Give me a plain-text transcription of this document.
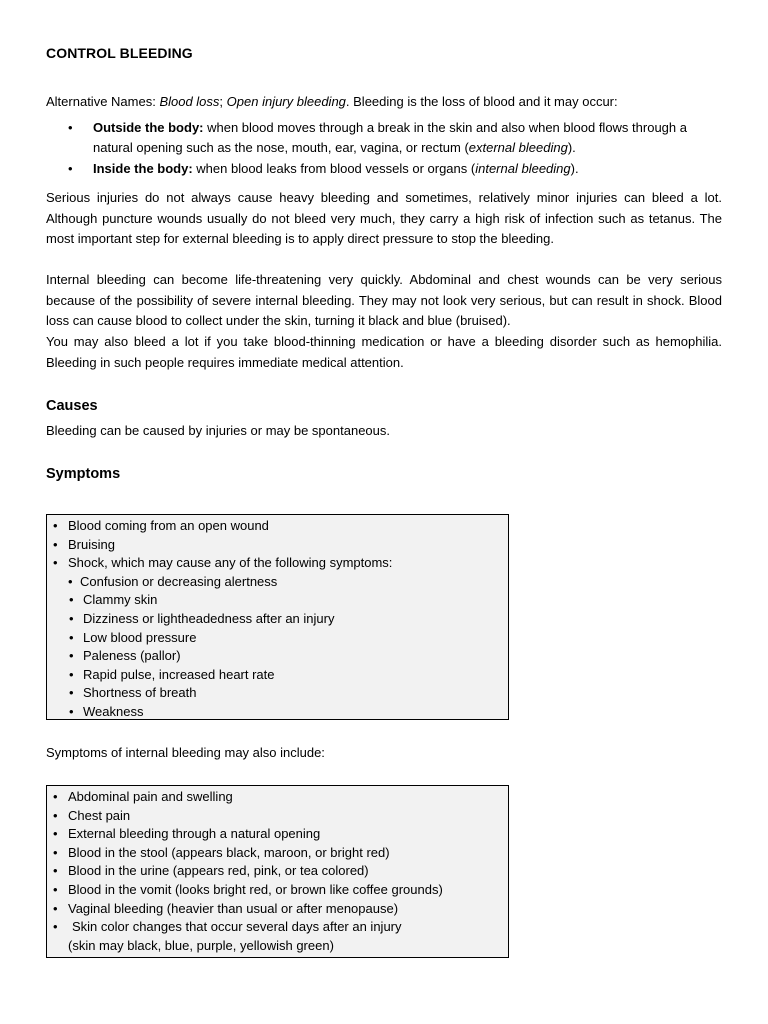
CONTROL BLEEDING
Alternative Names: Blood loss; Open injury bleeding. Bleeding is the loss of blood and it may occur:
• Outside the body: when blood moves through a break in the skin and also when blood flows through a natural opening such as the nose, mouth, ear, vagina, or rectum (external bleeding).
• Inside the body: when blood leaks from blood vessels or organs (internal bleeding).
Serious injuries do not always cause heavy bleeding and sometimes, relatively minor injuries can bleed a lot. Although puncture wounds usually do not bleed very much, they carry a high risk of infection such as tetanus. The most important step for external bleeding is to apply direct pressure to stop the bleeding.
Internal bleeding can become life-threatening very quickly. Abdominal and chest wounds can be very serious because of the possibility of severe internal bleeding. They may not look very serious, but can result in shock. Blood loss can cause blood to collect under the skin, turning it black and blue (bruised).
You may also bleed a lot if you take blood-thinning medication or have a bleeding disorder such as hemophilia. Bleeding in such people requires immediate medical attention.
Causes
Bleeding can be caused by injuries or may be spontaneous.
Symptoms
• Blood coming from an open wound
• Bruising
• Shock, which may cause any of the following symptoms:
• Confusion or decreasing alertness
• Clammy skin
• Dizziness or lightheadedness after an injury
• Low blood pressure
• Paleness (pallor)
• Rapid pulse, increased heart rate
• Shortness of breath
• Weakness
Symptoms of internal bleeding may also include:
• Abdominal pain and swelling
• Chest pain
• External bleeding through a natural opening
• Blood in the stool (appears black, maroon, or bright red)
• Blood in the urine (appears red, pink, or tea colored)
• Blood in the vomit (looks bright red, or brown like coffee grounds)
• Vaginal bleeding (heavier than usual or after menopause)
• Skin color changes that occur several days after an injury
(skin may black, blue, purple, yellowish green)
